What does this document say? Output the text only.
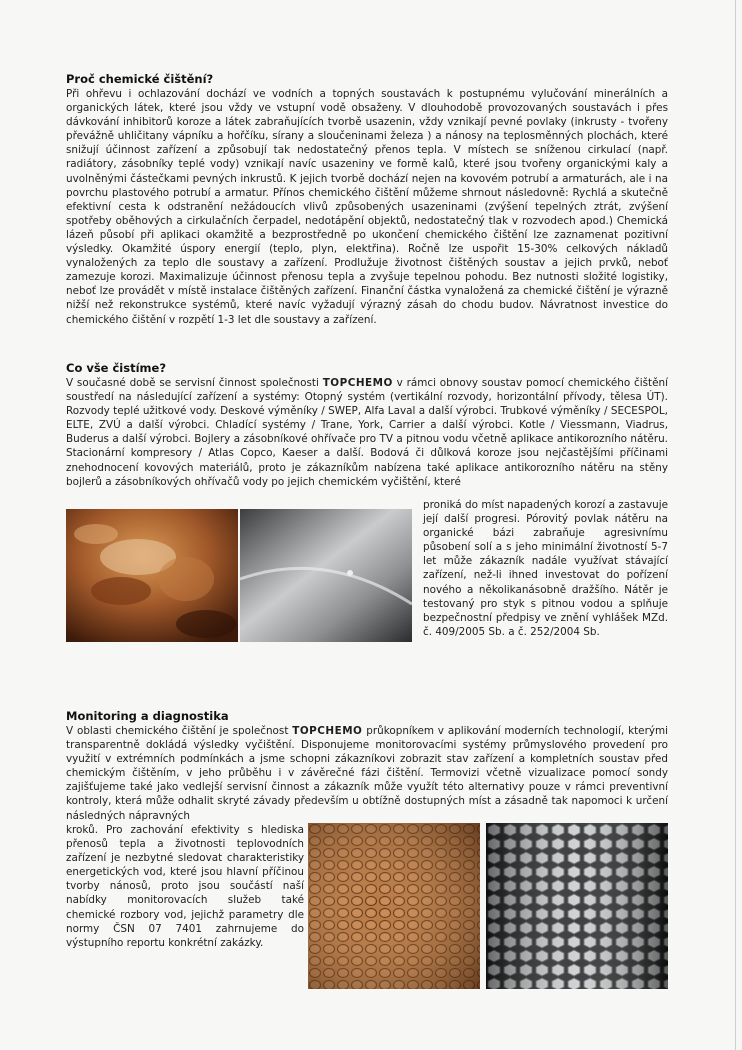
Proč chemické čištění?

Při ohřevu i ochlazování dochází ve vodních a topných soustavách k postupnému vylučování minerálních a organických látek, které jsou vždy ve vstupní vodě obsaženy. V dlouhodobě provozovaných soustavách i přes dávkování inhibitorů koroze a látek zabraňujících tvorbě usazenin, vždy vznikají pevné povlaky (inkrusty - tvořeny převážně uhličitany vápníku a hořčíku, sírany a sloučeninami železa ) a nánosy na teplosměnných plochách, které snižují účinnost zařízení a způsobují tak nedostatečný přenos tepla. V místech se sníženou cirkulací (např. radiátory, zásobníky teplé vody) vznikají navíc usazeniny ve formě kalů, které jsou tvořeny organickými kaly a uvolněnými částečkami pevných inkrustů. K jejich tvorbě dochází nejen na kovovém potrubí a armaturách, ale i na povrchu plastového potrubí a armatur. Přínos chemického čištění můžeme shrnout následovně: Rychlá a skutečně efektivní cesta k odstranění nežádoucích vlivů způsobených usazeninami (zvýšení tepelných ztrát, zvýšení spotřeby oběhových a cirkulačních čerpadel, nedotápění objektů, nedostatečný tlak v rozvodech apod.) Chemická lázeň působí při aplikaci okamžitě a bezprostředně po ukončení chemického čištění lze zaznamenat pozitivní výsledky. Okamžité úspory energií (teplo, plyn, elektřina). Ročně lze uspořit 15-30% celkových nákladů vynaložených za teplo dle soustavy a zařízení. Prodlužuje životnost čištěných soustav a jejich prvků, neboť zamezuje korozi. Maximalizuje účinnost přenosu tepla a zvyšuje tepelnou pohodu. Bez nutnosti složité logistiky, neboť lze provádět v místě instalace čištěných zařízení. Finanční částka vynaložená za chemické čištění je výrazně nižší než rekonstrukce systémů, které navíc vyžadují výrazný zásah do chodu budov. Návratnost investice do chemického čištění v rozpětí 1-3 let dle soustavy a zařízení.

Co vše čistíme?

V současné době se servisní činnost společnosti TOPCHEMO v rámci obnovy soustav pomocí chemického čištění soustředí na následující zařízení a systémy: Otopný systém (vertikální rozvody, horizontální přívody, tělesa ÚT). Rozvody teplé užitkové vody. Deskové výměníky / SWEP, Alfa Laval a další výrobci. Trubkové výměníky / SECESPOL, ELTE, ZVÚ a další výrobci. Chladící systémy / Trane, York, Carrier a další výrobci. Kotle / Viessmann, Viadrus, Buderus a další výrobci. Bojlery a zásobníkové ohřívače pro TV a pitnou vodu včetně aplikace antikorozního nátěru. Stacionární kompresory / Atlas Copco, Kaeser a další. Bodová či důlková koroze jsou nejčastějšími příčinami znehodnocení kovových materiálů, proto je zákazníkům nabízena také aplikace antikorozního nátěru na stěny bojlerů a zásobníkových ohřívačů vody po jejich chemickém vyčištění, které

proniká do míst napadených korozí a zastavuje její další progresi. Pórovitý povlak nátěru na organické bázi zabraňuje agresivnímu působení solí a s jeho minimální životností 5-7 let může zákazník nadále využívat stávající zařízení, než-li ihned investovat do pořízení nového a několikanásobně dražšího. Nátěr je testovaný pro styk s pitnou vodou a splňuje bezpečnostní předpisy ve znění vyhlášek MZd. č. 409/2005 Sb. a č. 252/2004 Sb.

Monitoring a diagnostika

V oblasti chemického čištění je společnost TOPCHEMO průkopníkem v aplikování moderních technologií, kterými transparentně dokládá výsledky vyčištění. Disponujeme monitorovacími systémy průmyslového provedení pro využití v extrémních podmínkách a jsme schopni zákazníkovi zobrazit stav zařízení a kompletních soustav před chemickým čištěním, v jeho průběhu i v závěrečné fázi čištění. Termovizi včetně vizualizace pomocí sondy zajišťujeme také jako vedlejší servisní činnost a zákazník může využít této alternativy pouze v rámci preventivní kontroly, která může odhalit skryté závady především u obtížně dostupných míst a zásadně tak napomoci k určení následných nápravných

kroků. Pro zachování efektivity s hlediska přenosů tepla a životnosti teplovodních zařízení je nezbytné sledovat charakteristiky energetických vod, které jsou hlavní příčinou tvorby nánosů, proto jsou součástí naší nabídky monitorovacích služeb také chemické rozbory vod, jejichž parametry dle normy ČSN 07 7401 zahrnujeme do výstupního reportu konkrétní zakázky.
